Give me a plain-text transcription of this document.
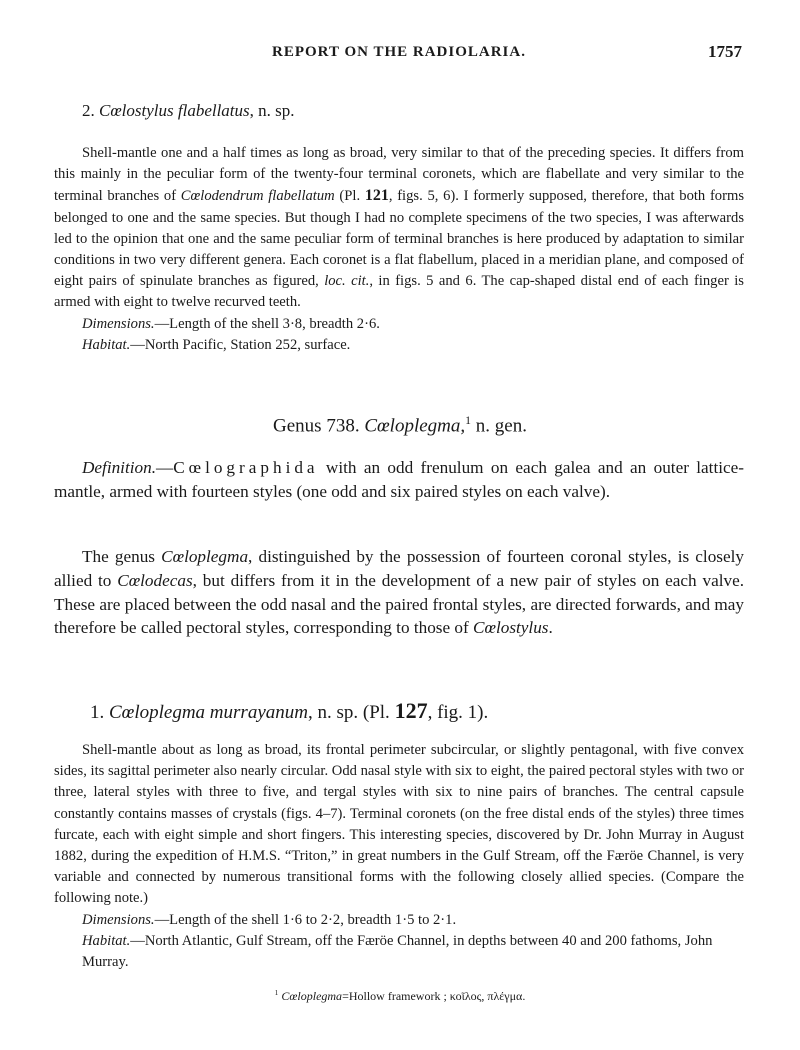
REPORT ON THE RADIOLARIA.	1757
2. Cœlostylus flabellatus, n. sp.

Shell-mantle one and a half times as long as broad, very similar to that of the preceding species. It differs from this mainly in the peculiar form of the twenty-four terminal coronets, which are flabellate and very similar to the terminal branches of Cœlodendrum flabellatum (Pl. 121, figs. 5, 6). I formerly supposed, therefore, that both forms belonged to one and the same species. But though I had no complete specimens of the two species, I was afterwards led to the opinion that one and the same peculiar form of terminal branches is here produced by adaptation to similar conditions in two very different genera. Each coronet is a flat flabellum, placed in a meridian plane, and composed of eight pairs of spinulate branches as figured, loc. cit., in figs. 5 and 6. The cap-shaped distal end of each finger is armed with eight to twelve recurved teeth.

Dimensions.—Length of the shell 3·8, breadth 2·6.

Habitat.—North Pacific, Station 252, surface.

Genus 738. Cœloplegma,$^1$ n. gen.

Definition.—Cœlographida with an odd frenulum on each galea and an outer lattice-mantle, armed with fourteen styles (one odd and six paired styles on each valve).

The genus Cœloplegma, distinguished by the possession of fourteen coronal styles, is closely allied to Cœlodecas, but differs from it in the development of a new pair of styles on each valve. These are placed between the odd nasal and the paired frontal styles, are directed forwards, and may therefore be called pectoral styles, corresponding to those of Cœlostylus.

1. Cœloplegma murrayanum, n. sp. (Pl. 127, fig. 1).

Shell-mantle about as long as broad, its frontal perimeter subcircular, or slightly pentagonal, with five convex sides, its sagittal perimeter also nearly circular. Odd nasal style with six to eight, the paired pectoral styles with two or three, lateral styles with three to five, and tergal styles with six to nine pairs of branches. The central capsule constantly contains masses of crystals (figs. 4–7). Terminal coronets (on the free distal ends of the styles) three times furcate, each with eight simple and short fingers. This interesting species, discovered by Dr. John Murray in August 1882, during the expedition of H.M.S. “Triton,” in great numbers in the Gulf Stream, off the Færöe Channel, is very variable and connected by numerous transitional forms with the following closely allied species. (Compare the following note.)

Dimensions.—Length of the shell 1·6 to 2·2, breadth 1·5 to 2·1.

Habitat.—North Atlantic, Gulf Stream, off the Færöe Channel, in depths between 40 and 200 fathoms, John Murray.

$^1$ Cœloplegma=Hollow framework ; κοῖλος, πλέγμα.
